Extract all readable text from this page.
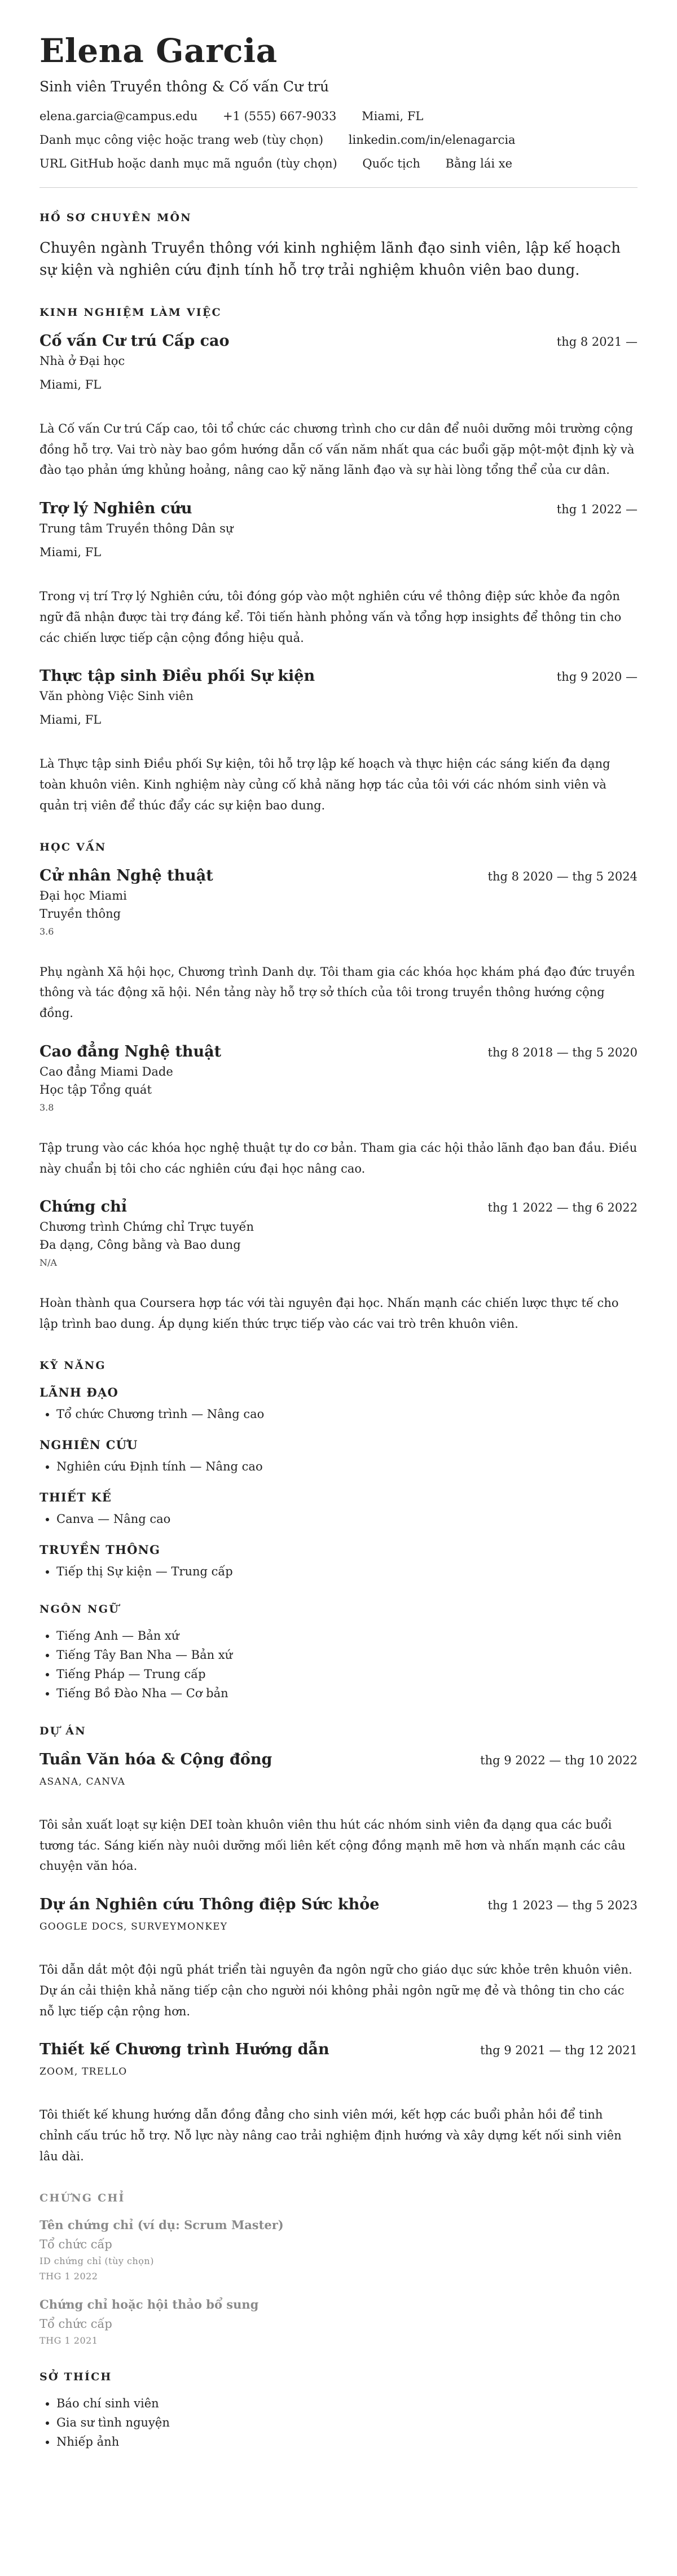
Elena Garcia
Sinh viên Truyền thông & Cố vấn Cư trú
elena.garcia@campus.edu +1 (555) 667-9033 Miami, FL
Danh mục công việc hoặc trang web (tùy chọn) linkedin.com/in/elenagarcia
URL GitHub hoặc danh mục mã nguồn (tùy chọn) Quốc tịch Bằng lái xe
HỒ SƠ CHUYÊN MÔN

Chuyên ngành Truyền thông với kinh nghiệm lãnh đạo sinh viên, lập kế hoạch sự kiện và nghiên cứu định tính hỗ trợ trải nghiệm khuôn viên bao dung.

KINH NGHIỆM LÀM VIỆC
Cố vấn Cư trú Cấp cao	thg 8 2021 —
Nhà ở Đại học
Miami, FL

Là Cố vấn Cư trú Cấp cao, tôi tổ chức các chương trình cho cư dân để nuôi dưỡng môi trường cộng đồng hỗ trợ. Vai trò này bao gồm hướng dẫn cố vấn năm nhất qua các buổi gặp một-một định kỳ và đào tạo phản ứng khủng hoảng, nâng cao kỹ năng lãnh đạo và sự hài lòng tổng thể của cư dân.

Trợ lý Nghiên cứu	thg 1 2022 —
Trung tâm Truyền thông Dân sự
Miami, FL

Trong vị trí Trợ lý Nghiên cứu, tôi đóng góp vào một nghiên cứu về thông điệp sức khỏe đa ngôn ngữ đã nhận được tài trợ đáng kể. Tôi tiến hành phỏng vấn và tổng hợp insights để thông tin cho các chiến lược tiếp cận cộng đồng hiệu quả.

Thực tập sinh Điều phối Sự kiện	thg 9 2020 —
Văn phòng Việc Sinh viên
Miami, FL

Là Thực tập sinh Điều phối Sự kiện, tôi hỗ trợ lập kế hoạch và thực hiện các sáng kiến đa dạng toàn khuôn viên. Kinh nghiệm này củng cố khả năng hợp tác của tôi với các nhóm sinh viên và quản trị viên để thúc đẩy các sự kiện bao dung.

HỌC VẤN
Cử nhân Nghệ thuật	thg 8 2020 — thg 5 2024
Đại học Miami
Truyền thông
3.6

Phụ ngành Xã hội học, Chương trình Danh dự. Tôi tham gia các khóa học khám phá đạo đức truyền thông và tác động xã hội. Nền tảng này hỗ trợ sở thích của tôi trong truyền thông hướng cộng đồng.

Cao đẳng Nghệ thuật	thg 8 2018 — thg 5 2020
Cao đẳng Miami Dade
Học tập Tổng quát
3.8

Tập trung vào các khóa học nghệ thuật tự do cơ bản. Tham gia các hội thảo lãnh đạo ban đầu. Điều này chuẩn bị tôi cho các nghiên cứu đại học nâng cao.

Chứng chỉ	thg 1 2022 — thg 6 2022
Chương trình Chứng chỉ Trực tuyến
Đa dạng, Công bằng và Bao dung
N/A

Hoàn thành qua Coursera hợp tác với tài nguyên đại học. Nhấn mạnh các chiến lược thực tế cho lập trình bao dung. Áp dụng kiến thức trực tiếp vào các vai trò trên khuôn viên.

KỸ NĂNG
LÃNH ĐẠO
• Tổ chức Chương trình — Nâng cao
NGHIÊN CỨU
• Nghiên cứu Định tính — Nâng cao
THIẾT KẾ
• Canva — Nâng cao
TRUYỀN THÔNG
• Tiếp thị Sự kiện — Trung cấp
NGÔN NGỮ
• Tiếng Anh — Bản xứ
• Tiếng Tây Ban Nha — Bản xứ
• Tiếng Pháp — Trung cấp
• Tiếng Bồ Đào Nha — Cơ bản
DỰ ÁN
Tuần Văn hóa & Cộng đồng	thg 9 2022 — thg 10 2022
ASANA, CANVA

Tôi sản xuất loạt sự kiện DEI toàn khuôn viên thu hút các nhóm sinh viên đa dạng qua các buổi tương tác. Sáng kiến này nuôi dưỡng mối liên kết cộng đồng mạnh mẽ hơn và nhấn mạnh các câu chuyện văn hóa.

Dự án Nghiên cứu Thông điệp Sức khỏe	thg 1 2023 — thg 5 2023
GOOGLE DOCS, SURVEYMONKEY

Tôi dẫn dắt một đội ngũ phát triển tài nguyên đa ngôn ngữ cho giáo dục sức khỏe trên khuôn viên. Dự án cải thiện khả năng tiếp cận cho người nói không phải ngôn ngữ mẹ đẻ và thông tin cho các nỗ lực tiếp cận rộng hơn.

Thiết kế Chương trình Hướng dẫn	thg 9 2021 — thg 12 2021
ZOOM, TRELLO

Tôi thiết kế khung hướng dẫn đồng đẳng cho sinh viên mới, kết hợp các buổi phản hồi để tinh chỉnh cấu trúc hỗ trợ. Nỗ lực này nâng cao trải nghiệm định hướng và xây dựng kết nối sinh viên lâu dài.

CHỨNG CHỈ
Tên chứng chỉ (ví dụ: Scrum Master)
Tổ chức cấp
ID chứng chỉ (tùy chọn)
THG 1 2022
Chứng chỉ hoặc hội thảo bổ sung
Tổ chức cấp
THG 1 2021
SỞ THÍCH
• Báo chí sinh viên
• Gia sư tình nguyện
• Nhiếp ảnh
